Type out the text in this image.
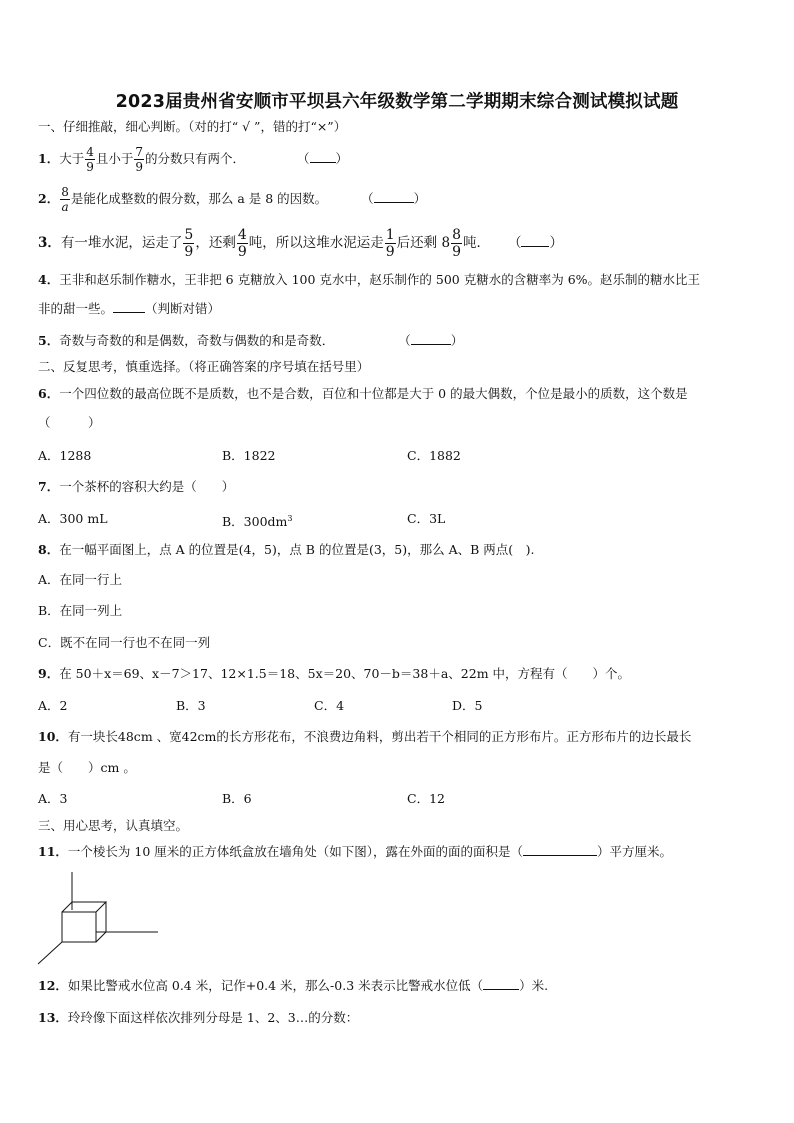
2023届贵州省安顺市平坝县六年级数学第二学期期末综合测试模拟试题
一、仔细推敲，细心判断。（对的打“ √ ”，错的打“×”）
1．大于 $\frac{4}{9}$ 且小于 $\frac{7}{9}$ 的分数只有两个．	（ ）
2． $\frac{8}{a}$ 是能化成整数的假分数，那么 a 是 8 的因数。	（	）
3．有一堆水泥，运走了 $\frac{5}{9}$ ，还剩 $\frac{4}{9}$ 吨，所以这堆水泥运走 $\frac{1}{9}$ 后还剩 $8 \frac{8}{9}$ 吨． （ ）
4．王非和赵乐制作糖水，王非把 6 克糖放入 100 克水中，赵乐制作的 500 克糖水的含糖率为 6%。赵乐制的糖水比王
非的甜一些。	（判断对错）
5．奇数与奇数的和是偶数，奇数与偶数的和是奇数．	（	）
二、反复思考，慎重选择。（将正确答案的序号填在括号里）
6．一个四位数的最高位既不是质数，也不是合数，百位和十位都是大于 0 的最大偶数，个位是最小的质数，这个数是
（　　　）
A．1288	B．1822	C．1882
7．一个茶杯的容积大约是（　　）
A．300 mL	B．$300dm^3$	C．3L
8．在一幅平面图上，点 A 的位置是(4，5)，点 B 的位置是(3，5)，那么 A、B 两点(　).
A．在同一行上
B．在同一列上
C．既不在同一行也不在同一列
9．在 50＋x＝69、x－7＞17、12×1.5＝18、5x＝20、70－b＝38＋a、22m 中，方程有（　　）个。
A．2	B．3	C．4	D．5
10．有一块长48cm 、宽42cm的长方形花布，不浪费边角料，剪出若干个相同的正方形布片。正方形布片的边长最长
是（　　）cm 。
A．3	B．6	C．12
三、用心思考，认真填空。
11．一个棱长为 10 厘米的正方体纸盒放在墙角处（如下图），露在外面的面的面积是（	）平方厘米。
12．如果比警戒水位高 0.4 米，记作+0.4 米，那么-0.3 米表示比警戒水位低（	）米.
13．玲玲像下面这样依次排列分母是 1、2、3…的分数：
